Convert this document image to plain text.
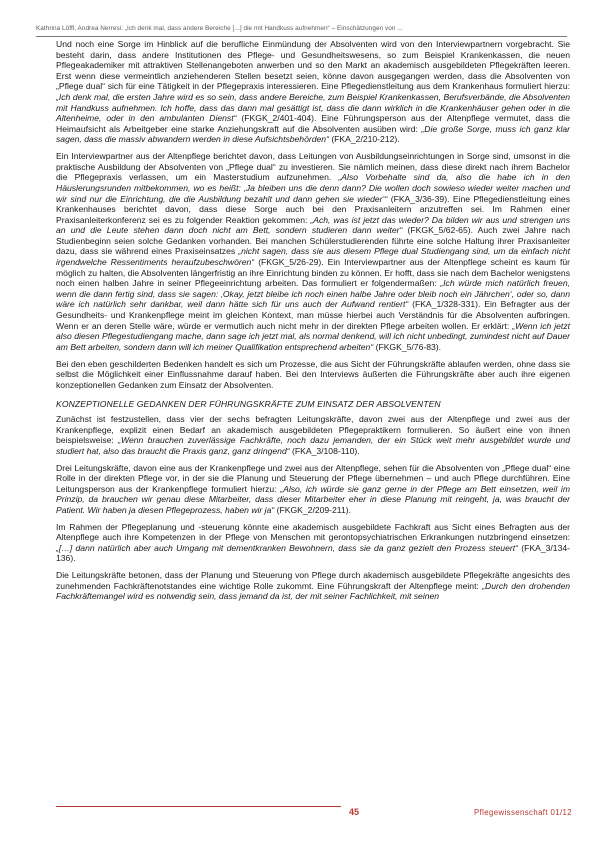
Kathrina Löffl, Andrea Nerresi: „Ich denk mal, dass andere Bereiche [...] die mit Handkuss aufnehmen“ – Einschätzungen von ...

Und noch eine Sorge im Hinblick auf die berufliche Einmündung der Absolventen wird von den Interviewpartnern vorgebracht. Sie besteht darin, dass andere Institutionen des Pflege- und Gesundheitswesens, so zum Beispiel Krankenkassen, die neuen Pflegeakademiker mit attraktiven Stellenangeboten anwerben und so den Markt an akademisch ausgebildeten Pflegekräften leeren. Erst wenn diese vermeintlich anziehenderen Stellen besetzt seien, könne davon ausgegangen werden, dass die Absolventen von „Pflege dual“ sich für eine Tätigkeit in der Pflegepraxis interessieren. Eine Pflegedienstleitung aus dem Krankenhaus formuliert hierzu: „Ich denk mal, die ersten Jahre wird es so sein, dass andere Bereiche, zum Beispiel Krankenkassen, Berufsverbände, die Absolventen mit Handkuss aufnehmen. Ich hoffe, dass das dann mal gesättigt ist, dass die dann wirklich in die Krankenhäuser gehen oder in die Altenheime, oder in den ambulanten Dienst“ (FKGK_2/401-404). Eine Führungsperson aus der Altenpflege vermutet, dass die Heimaufsicht als Arbeitgeber eine starke Anziehungskraft auf die Absolventen ausüben wird: „Die große Sorge, muss ich ganz klar sagen, dass die massiv abwandern werden in diese Aufsichtsbehörden“ (FKA_2/210-212).

Ein Interviewpartner aus der Altenpflege berichtet davon, dass Leitungen von Ausbildungseinrichtungen in Sorge sind, umsonst in die praktische Ausbildung der Absolventen von „Pflege dual“ zu investieren. Sie nämlich meinen, dass diese direkt nach ihrem Bachelor die Pflegepraxis verlassen, um ein Masterstudium aufzunehmen. „Also Vorbehalte sind da, also die habe ich in den Häuslerungsrunden mitbekommen, wo es heißt: ‚Ja bleiben uns die denn dann? Die wollen doch sowieso wieder weiter machen und wir sind nur die Einrichtung, die die Ausbildung bezahlt und dann gehen sie wieder‘“ (FKA_3/36-39). Eine Pflegedienstleitung eines Krankenhauses berichtet davon, dass diese Sorge auch bei den Praxisanleitern anzutreffen sei. Im Rahmen einer Praxisanleiterkonferenz sei es zu folgender Reaktion gekommen: „Ach, was ist jetzt das wieder? Da bilden wir aus und strengen uns an und die Leute stehen dann doch nicht am Bett, sondern studieren dann weiter“ (FKGK_5/62-65). Auch zwei Jahre nach Studienbeginn seien solche Gedanken vorhanden. Bei manchen Schülerstudierenden führte eine solche Haltung ihrer Praxisanleiter dazu, dass sie während eines Praxiseinsatzes „nicht sagen, dass sie aus diesem Pflege dual Studiengang sind, um da einfach nicht irgendwelche Ressentiments heraufzubeschwören“ (FKGK_5/26-29). Ein Interviewpartner aus der Altenpflege scheint es kaum für möglich zu halten, die Absolventen längerfristig an ihre Einrichtung binden zu können. Er hofft, dass sie nach dem Bachelor wenigstens noch einen halben Jahre in seiner Pflegeeinrichtung arbeiten. Das formuliert er folgendermaßen: „Ich würde mich natürlich freuen, wenn die dann fertig sind, dass sie sagen: ‚Okay, jetzt bleibe ich noch einen halbe Jahre oder bleib noch ein Jährchen‘, oder so, dann wäre ich natürlich sehr dankbar, weil dann hätte sich für uns auch der Aufwand rentiert“ (FKA_1/328-331). Ein Befragter aus der Gesundheits- und Krankenpflege meint im gleichen Kontext, man müsse hierbei auch Verständnis für die Absolventen aufbringen. Wenn er an deren Stelle wäre, würde er vermutlich auch nicht mehr in der direkten Pflege arbeiten wollen. Er erklärt: „Wenn ich jetzt also diesen Pflegestudiengang mache, dann sage ich jetzt mal, als normal denkend, will ich nicht unbedingt, zumindest nicht auf Dauer am Bett arbeiten, sondern dann will ich meiner Qualifikation entsprechend arbeiten“ (FKGK_5/76-83).

Bei den eben geschilderten Bedenken handelt es sich um Prozesse, die aus Sicht der Führungskräfte ablaufen werden, ohne dass sie selbst die Möglichkeit einer Einflussnahme darauf haben. Bei den Interviews äußerten die Führungskräfte aber auch ihre eigenen konzeptionellen Gedanken zum Einsatz der Absolventen.

KONZEPTIONELLE GEDANKEN DER FÜHRUNGSKRÄFTE ZUM EINSATZ DER ABSOLVENTEN

Zunächst ist festzustellen, dass vier der sechs befragten Leitungskräfte, davon zwei aus der Altenpflege und zwei aus der Krankenpflege, explizit einen Bedarf an akademisch ausgebildeten Pflegepraktikern formulieren. So äußert eine von ihnen beispielsweise: „Wenn brauchen zuverlässige Fachkräfte, noch dazu jemanden, der ein Stück weit mehr ausgebildet wurde und studiert hat, also das braucht die Praxis ganz, ganz dringend“ (FKA_3/108-110).

Drei Leitungskräfte, davon eine aus der Krankenpflege und zwei aus der Altenpflege, sehen für die Absolventen von „Pflege dual“ eine Rolle in der direkten Pflege vor, in der sie die Planung und Steuerung der Pflege übernehmen – und auch Pflege durchführen. Eine Leitungsperson aus der Krankenpflege formuliert hierzu: „Also, ich würde sie ganz gerne in der Pflege am Bett einsetzen, weil im Prinzip, da brauchen wir genau diese Mitarbeiter, dass dieser Mitarbeiter eher in diese Planung mit reingeht, ja, was braucht der Patient. Wir haben ja diesen Pflegeprozess, haben wir ja“ (FKGK_2/209-211).

Im Rahmen der Pflegeplanung und -steuerung könnte eine akademisch ausgebildete Fachkraft aus Sicht eines Befragten aus der Altenpflege auch ihre Kompetenzen in der Pflege von Menschen mit gerontopsychiatrischen Erkrankungen nutzbringend einsetzen: „[…] dann natürlich aber auch Umgang mit dementkranken Bewohnern, dass sie da ganz gezielt den Prozess steuert“ (FKA_3/134-136).

Die Leitungskräfte betonen, dass der Planung und Steuerung von Pflege durch akademisch ausgebildete Pflegekräfte angesichts des zunehmenden Fachkräftenotstandes eine wichtige Rolle zukommt. Eine Führungskraft der Altenpflege meint: „Durch den drohenden Fachkräftemangel wird es notwendig sein, dass jemand da ist, der mit seiner Fachlichkeit, mit seinen

45	Pflegewissenschaft 01/12
